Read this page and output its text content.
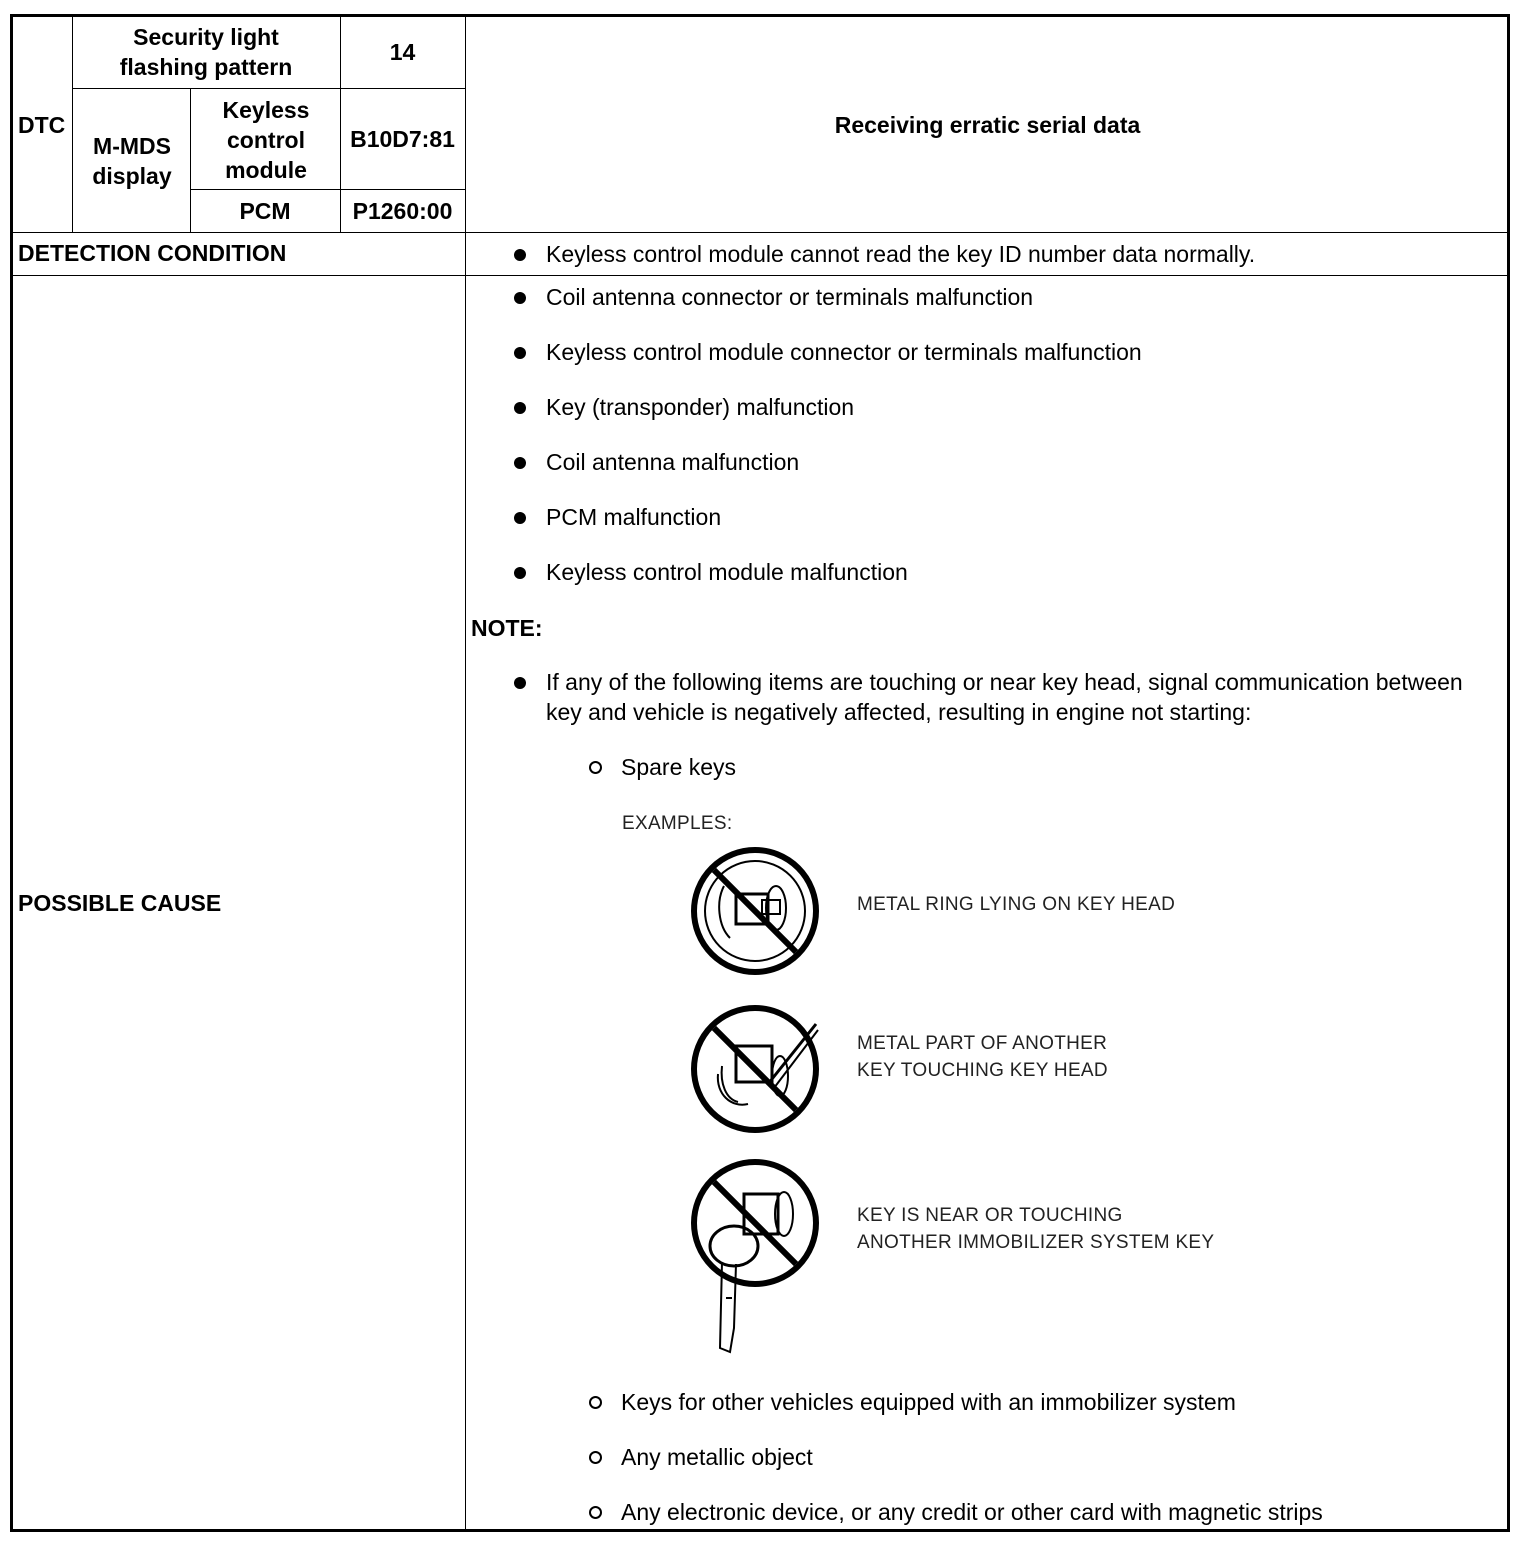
DTC
Security light flashing pattern
14
M-MDS display
Keyless control module
B10D7:81
PCM	P1260:00
Receiving erratic serial data
DETECTION CONDITION	Keyless control module cannot read the key ID number data normally.
POSSIBLE CAUSE
Coil antenna connector or terminals malfunction
Keyless control module connector or terminals malfunction
Key (transponder) malfunction
Coil antenna malfunction
PCM malfunction
Keyless control module malfunction
NOTE:
If any of the following items are touching or near key head, signal communication between key and vehicle is negatively affected, resulting in engine not starting:
Spare keys
EXAMPLES:
METAL RING LYING ON KEY HEAD
METAL PART OF ANOTHER
KEY TOUCHING KEY HEAD
KEY IS NEAR OR TOUCHING
ANOTHER IMMOBILIZER SYSTEM KEY
Keys for other vehicles equipped with an immobilizer system
Any metallic object
Any electronic device, or any credit or other card with magnetic strips
